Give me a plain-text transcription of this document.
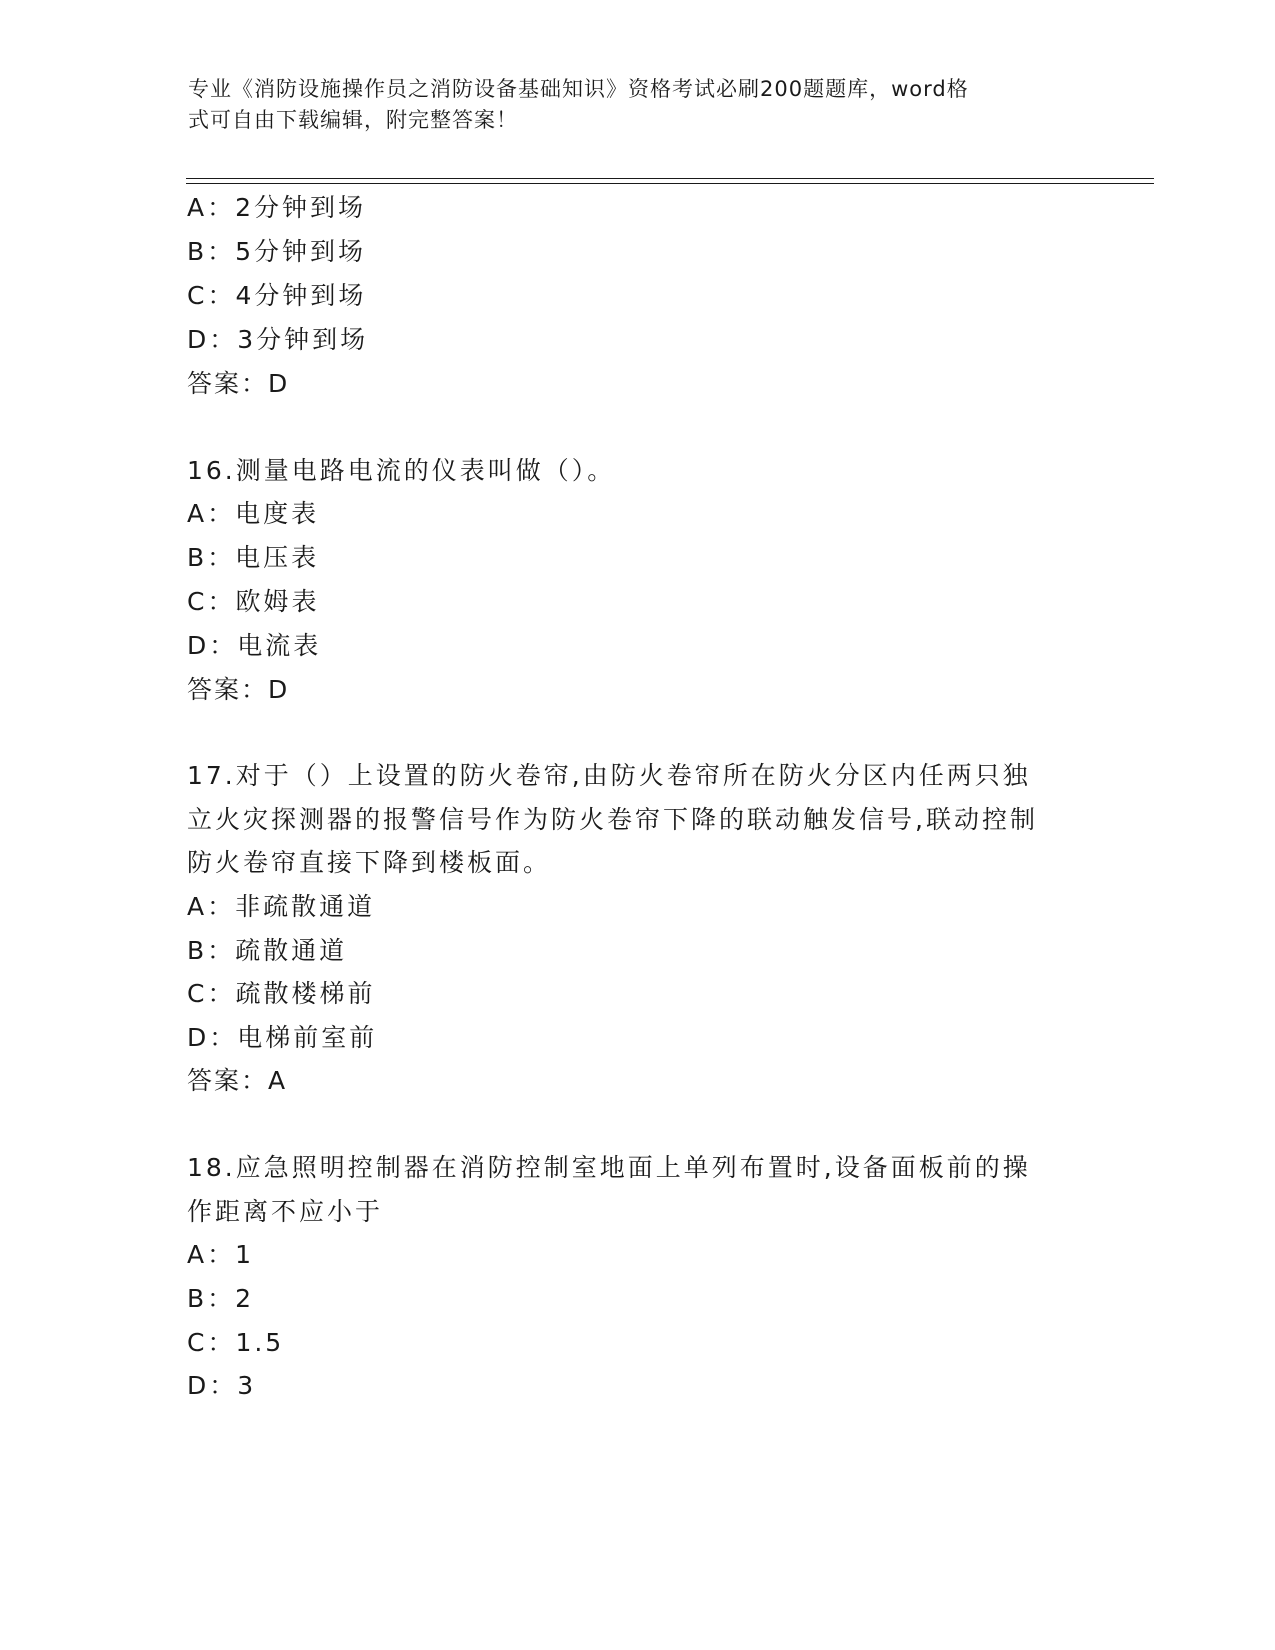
专业《消防设施操作员之消防设备基础知识》资格考试必刷200题题库，word格
式可自由下载编辑，附完整答案！
A：2分钟到场
B：5分钟到场
C：4分钟到场
D：3分钟到场
答案：D
16.测量电路电流的仪表叫做（）。
A：电度表
B：电压表
C：欧姆表
D：电流表
答案：D
17.对于（）上设置的防火卷帘,由防火卷帘所在防火分区内任两只独
立火灾探测器的报警信号作为防火卷帘下降的联动触发信号,联动控制
防火卷帘直接下降到楼板面。
A：非疏散通道
B：疏散通道
C：疏散楼梯前
D：电梯前室前
答案：A
18.应急照明控制器在消防控制室地面上单列布置时,设备面板前的操
作距离不应小于
A：1
B：2
C：1.5
D：3
